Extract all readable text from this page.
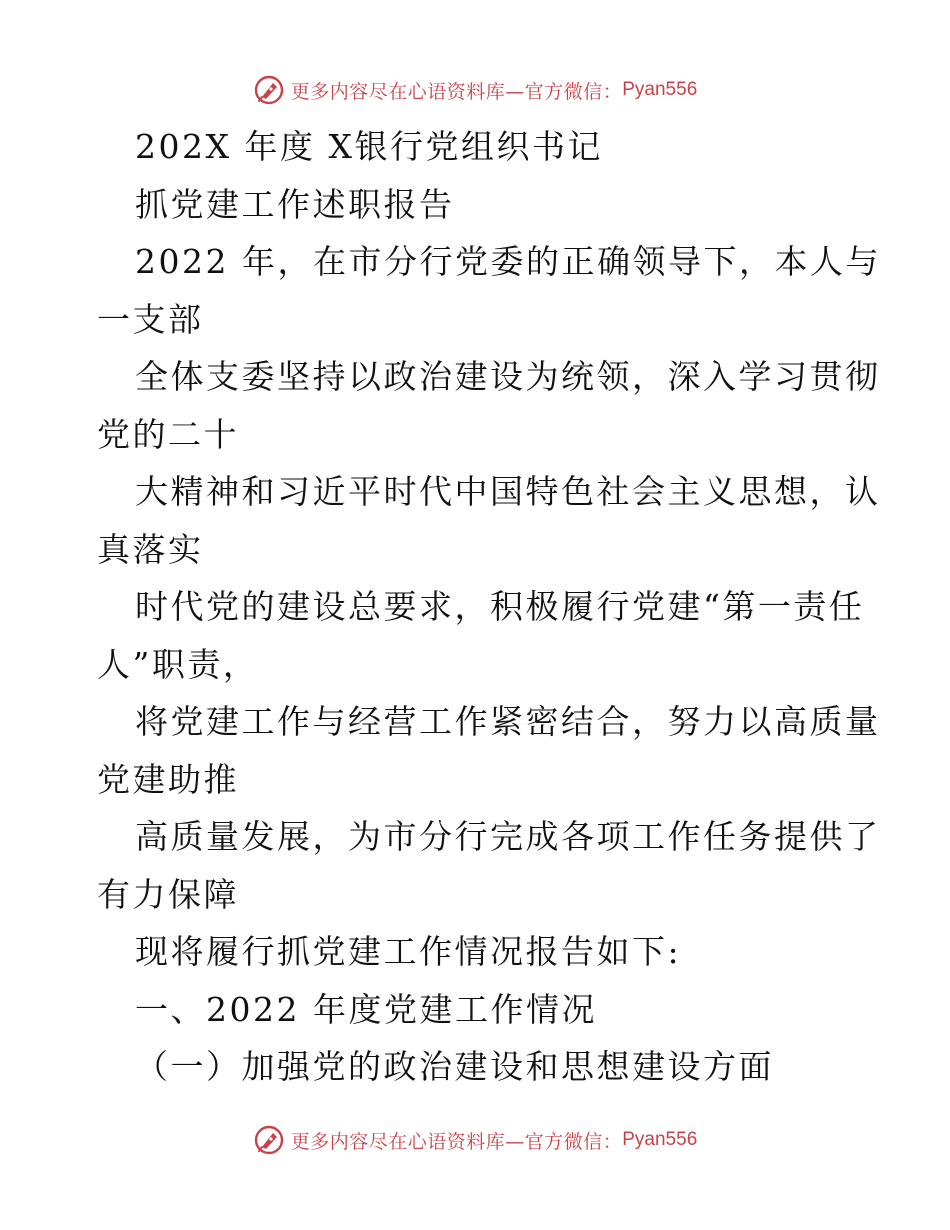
更多内容尽在心语资料库—官方微信： Pyan556
202X 年度 X银行党组织书记
抓党建工作述职报告
2022 年，在市分行党委的正确领导下，本人与
一支部
全体支委坚持以政治建设为统领，深入学习贯彻
党的二十
大精神和习近平时代中国特色社会主义思想，认
真落实
时代党的建设总要求，积极履行党建“第一责任
人”职责，
将党建工作与经营工作紧密结合，努力以高质量
党建助推
高质量发展，为市分行完成各项工作任务提供了
有力保障
现将履行抓党建工作情况报告如下:
一、2022 年度党建工作情况
（一）加强党的政治建设和思想建设方面
更多内容尽在心语资料库—官方微信： Pyan556
